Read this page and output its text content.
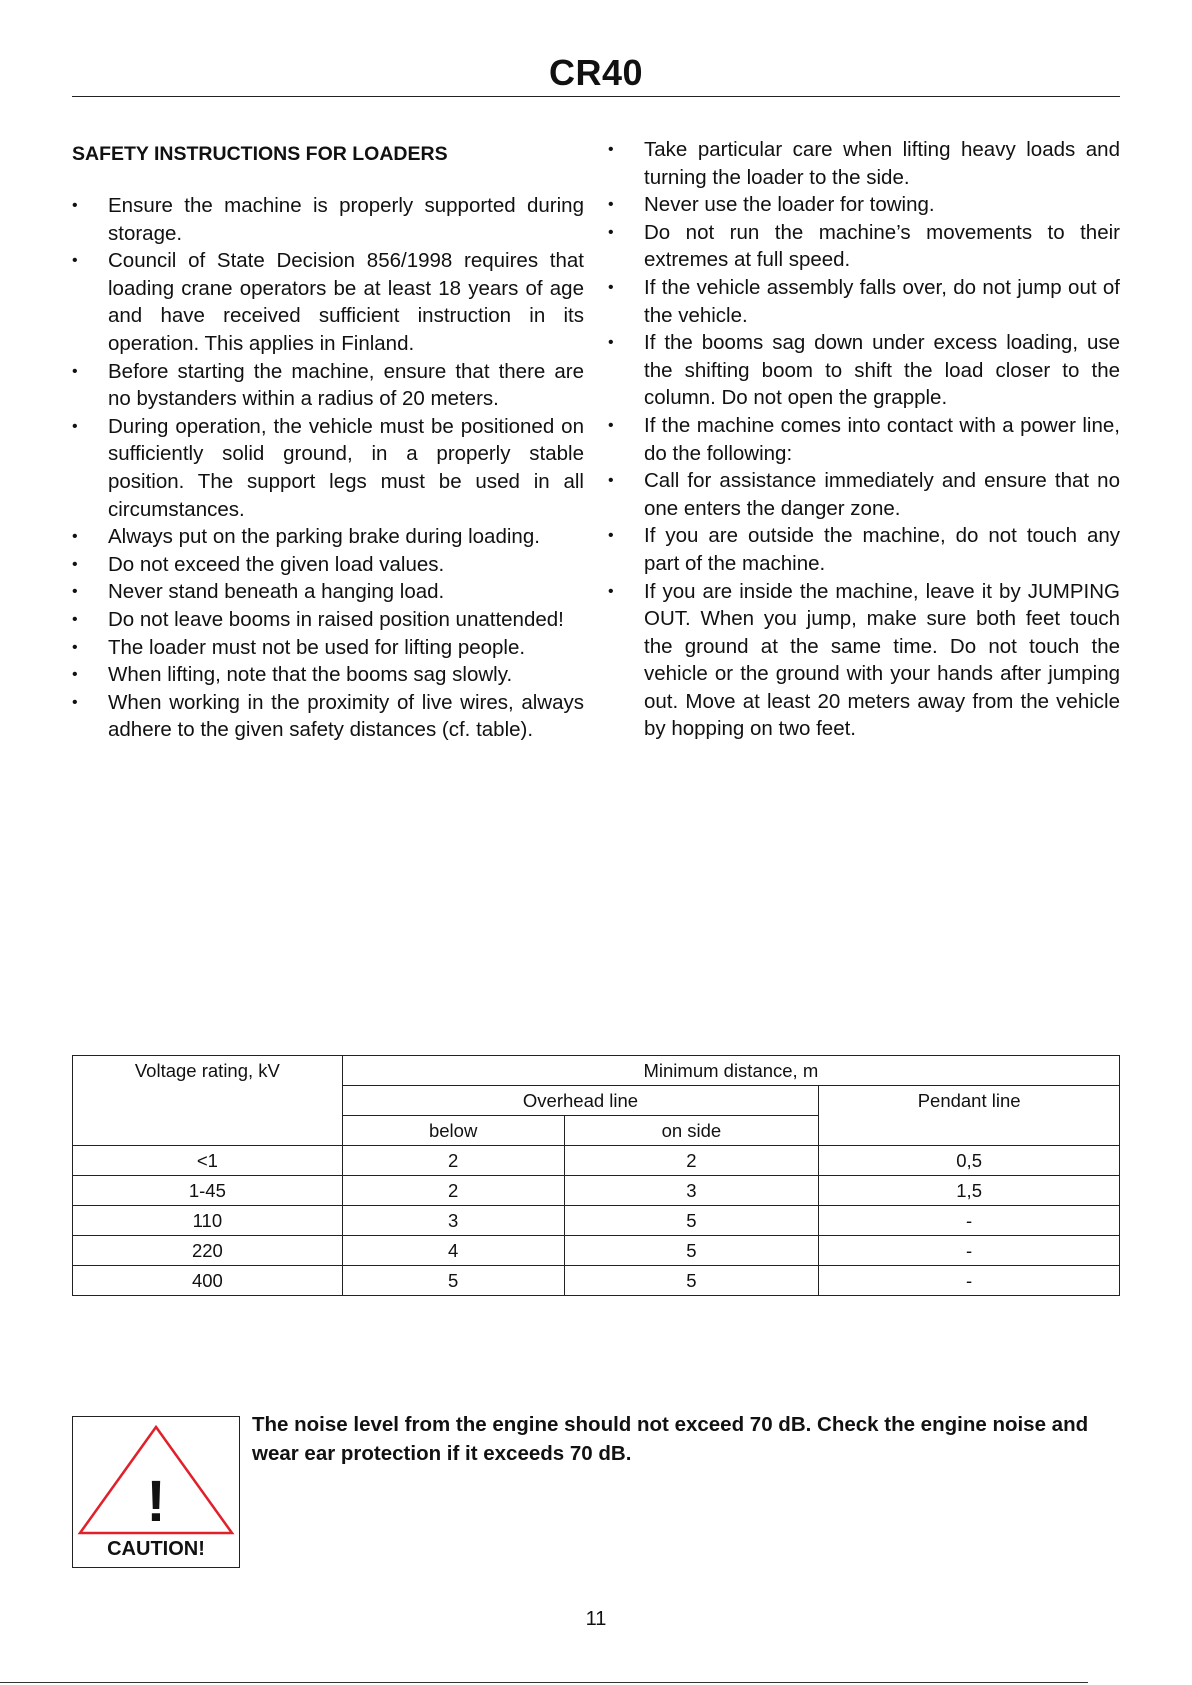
CR40
SAFETY INSTRUCTIONS FOR LOADERS
• Ensure the machine is properly supported during storage.
• Council of State Decision 856/1998 requires that loading crane operators be at least 18 years of age and have received sufficient instruction in its operation. This applies in Finland.
• Before starting the machine, ensure that there are no bystanders within a radius of 20 meters.
• During operation, the vehicle must be positioned on sufficiently solid ground, in a properly stable position. The support legs must be used in all circumstances.
• Always put on the parking brake during loading.
• Do not exceed the given load values.
• Never stand beneath a hanging load.
• Do not leave booms in raised position unattended!
• The loader must not be used for lifting people.
• When lifting, note that the booms sag slowly.
• When working in the proximity of live wires, always adhere to the given safety distances (cf. table).
• Take particular care when lifting heavy loads and turning the loader to the side.
• Never use the loader for towing.
• Do not run the machine’s movements to their extremes at full speed.
• If the vehicle assembly falls over, do not jump out of the vehicle.
• If the booms sag down under excess loading, use the shifting boom to shift the load closer to the column. Do not open the grapple.
• If the machine comes into contact with a power line, do the following:
• Call for assistance immediately and ensure that no one enters the danger zone.
• If you are outside the machine, do not touch any part of the machine.
• If you are inside the machine, leave it by JUMPING OUT. When you jump, make sure both feet touch the ground at the same time. Do not touch the vehicle or the ground with your hands after jumping out. Move at least 20 meters away from the vehicle by hopping on two feet.
Voltage rating, kV	Minimum distance, m		
	Overhead line		Pendant line
	below	on side	
<1	2	2	0,5
1-45	2	3	1,5
110	3	5	-
220	4	5	-
400	5	5	-
!
CAUTION!
The noise level from the engine should not exceed 70 dB. Check the engine noise and wear ear protection if it exceeds 70 dB.
11
